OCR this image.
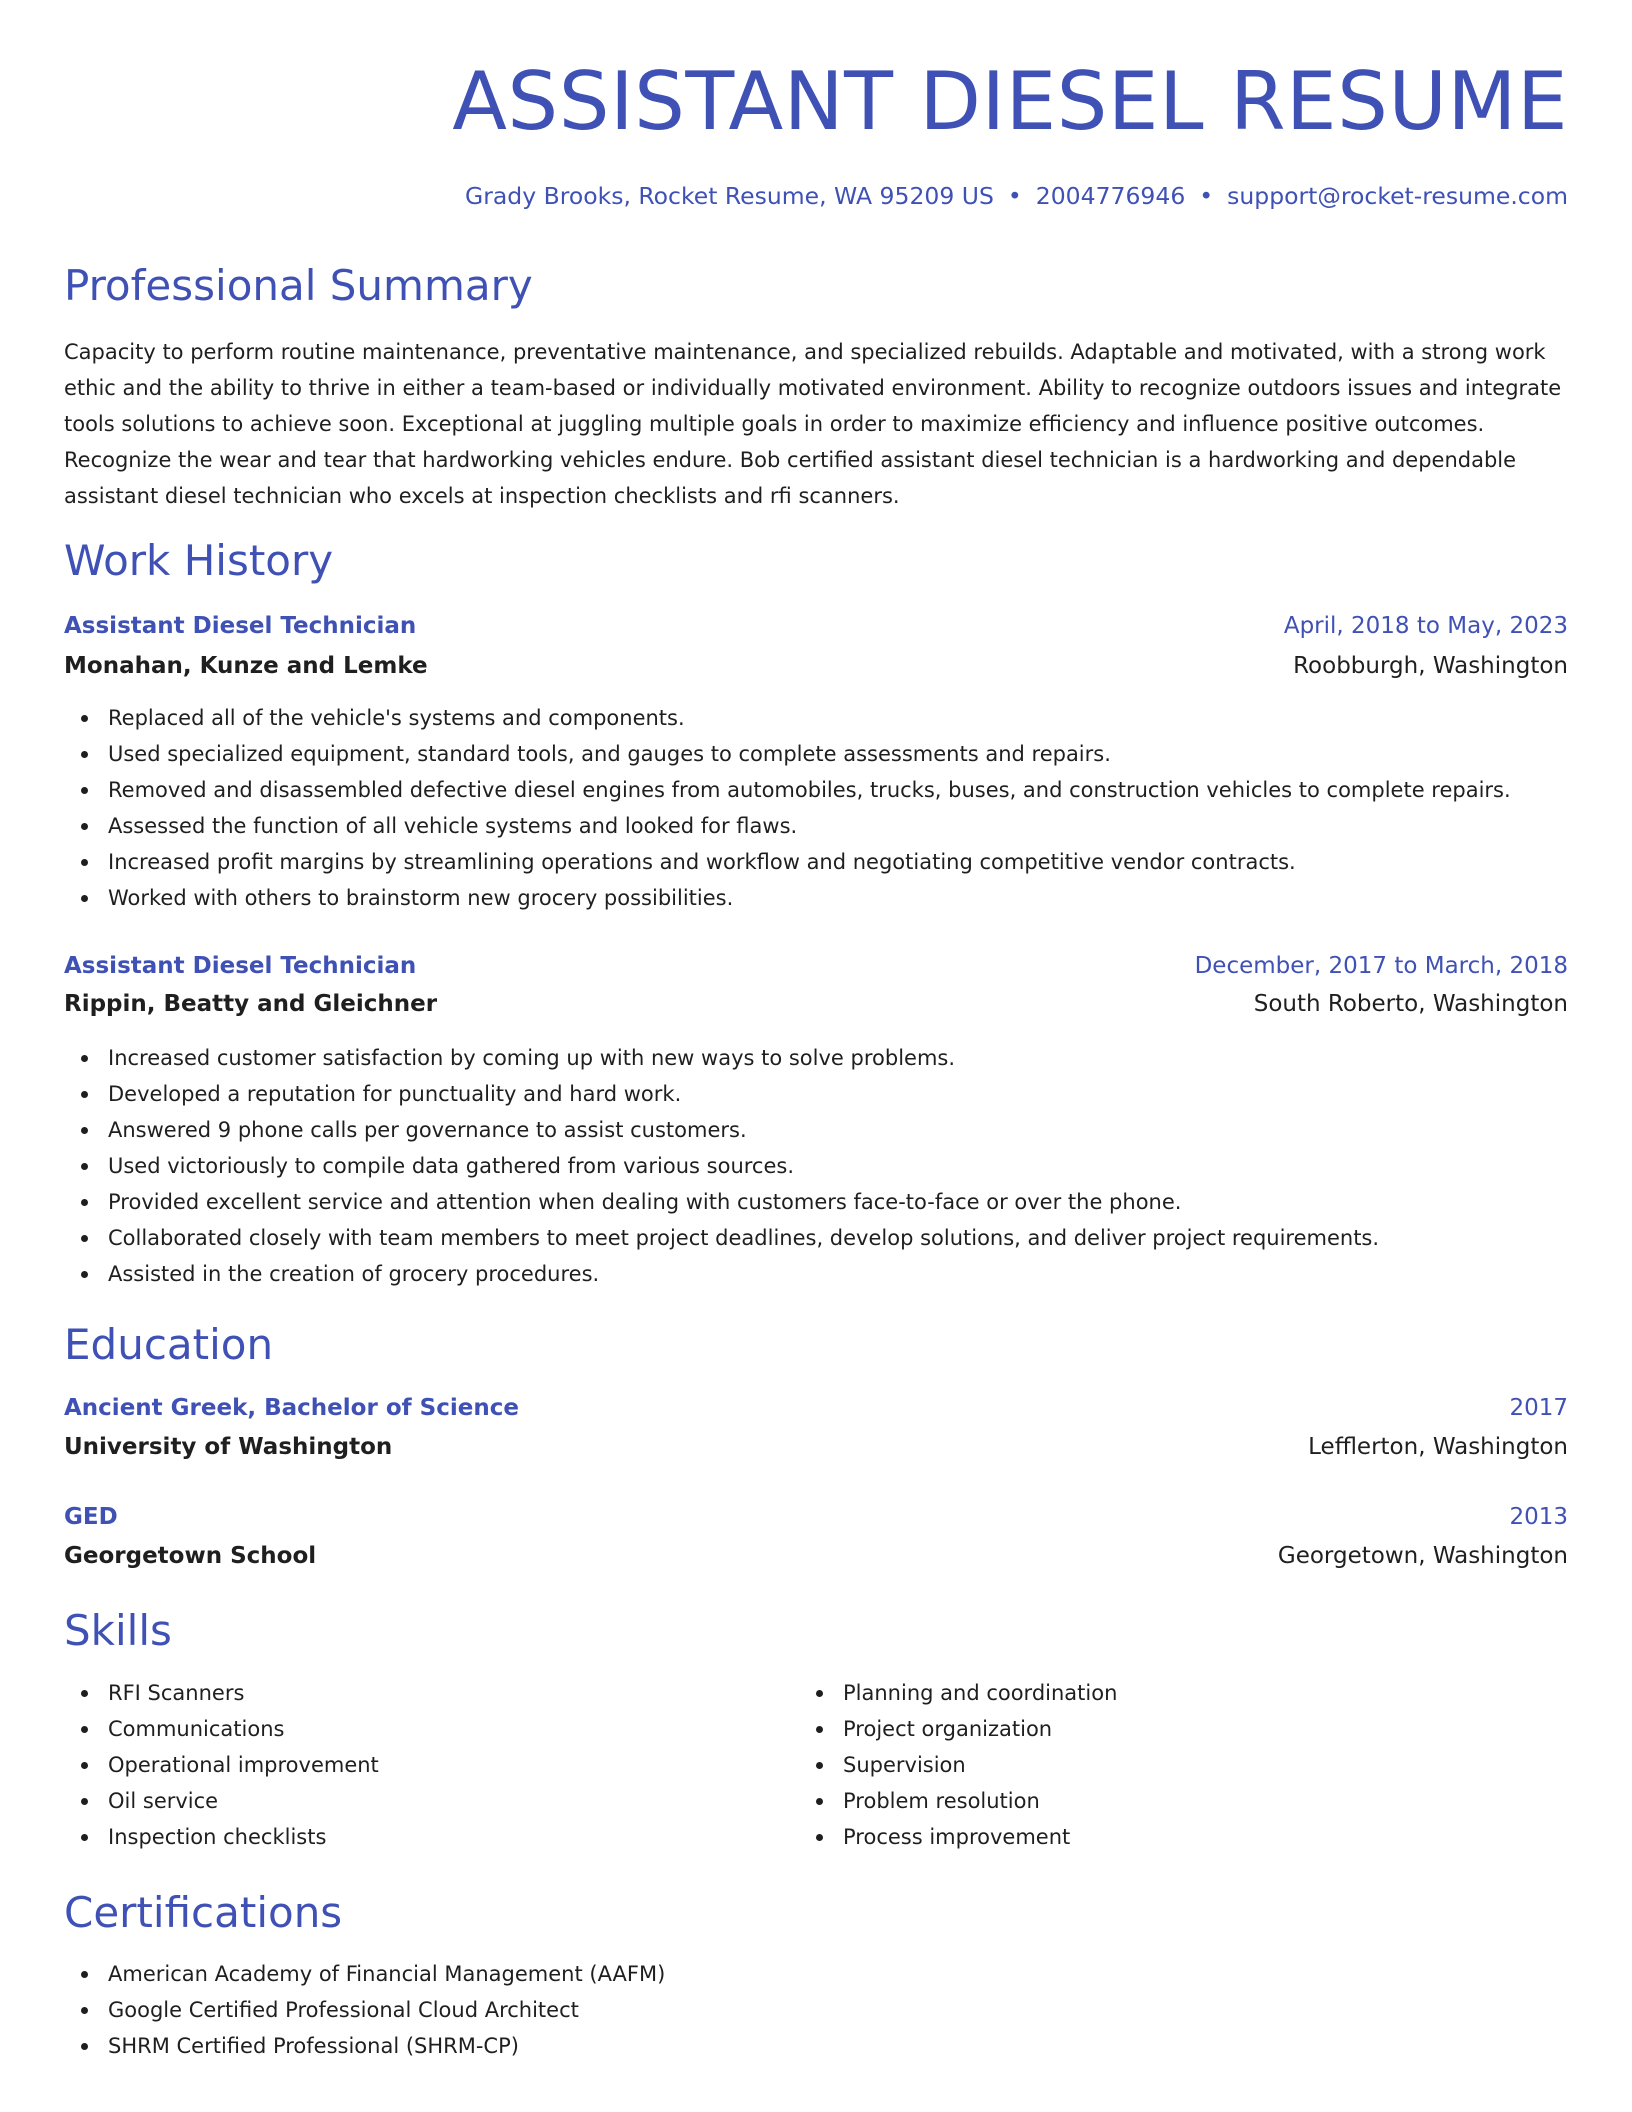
ASSISTANT DIESEL RESUME
Grady Brooks, Rocket Resume, WA 95209 US • 2004776946 • support@rocket-resume.com
Professional Summary

Capacity to perform routine maintenance, preventative maintenance, and specialized rebuilds. Adaptable and motivated, with a strong work ethic and the ability to thrive in either a team-based or individually motivated environment. Ability to recognize outdoors issues and integrate tools solutions to achieve soon. Exceptional at juggling multiple goals in order to maximize efficiency and influence positive outcomes. Recognize the wear and tear that hardworking vehicles endure. Bob certified assistant diesel technician is a hardworking and dependable assistant diesel technician who excels at inspection checklists and rfi scanners.

Work History
Assistant Diesel Technician	April, 2018 to May, 2023
Monahan, Kunze and Lemke	Roobburgh, Washington
Replaced all of the vehicle's systems and components.
Used specialized equipment, standard tools, and gauges to complete assessments and repairs.
Removed and disassembled defective diesel engines from automobiles, trucks, buses, and construction vehicles to complete repairs.
Assessed the function of all vehicle systems and looked for flaws.
Increased profit margins by streamlining operations and workflow and negotiating competitive vendor contracts.
Worked with others to brainstorm new grocery possibilities.
Assistant Diesel Technician	December, 2017 to March, 2018
Rippin, Beatty and Gleichner	South Roberto, Washington
Increased customer satisfaction by coming up with new ways to solve problems.
Developed a reputation for punctuality and hard work.
Answered 9 phone calls per governance to assist customers.
Used victoriously to compile data gathered from various sources.
Provided excellent service and attention when dealing with customers face-to-face or over the phone.
Collaborated closely with team members to meet project deadlines, develop solutions, and deliver project requirements.
Assisted in the creation of grocery procedures.
Education
Ancient Greek, Bachelor of Science	2017
University of Washington	Lefflerton, Washington
GED	2013
Georgetown School	Georgetown, Washington
Skills
RFI Scanners
Communications
Operational improvement
Oil service
Inspection checklists
Planning and coordination
Project organization
Supervision
Problem resolution
Process improvement
Certifications
American Academy of Financial Management (AAFM)
Google Certified Professional Cloud Architect
SHRM Certified Professional (SHRM-CP)
